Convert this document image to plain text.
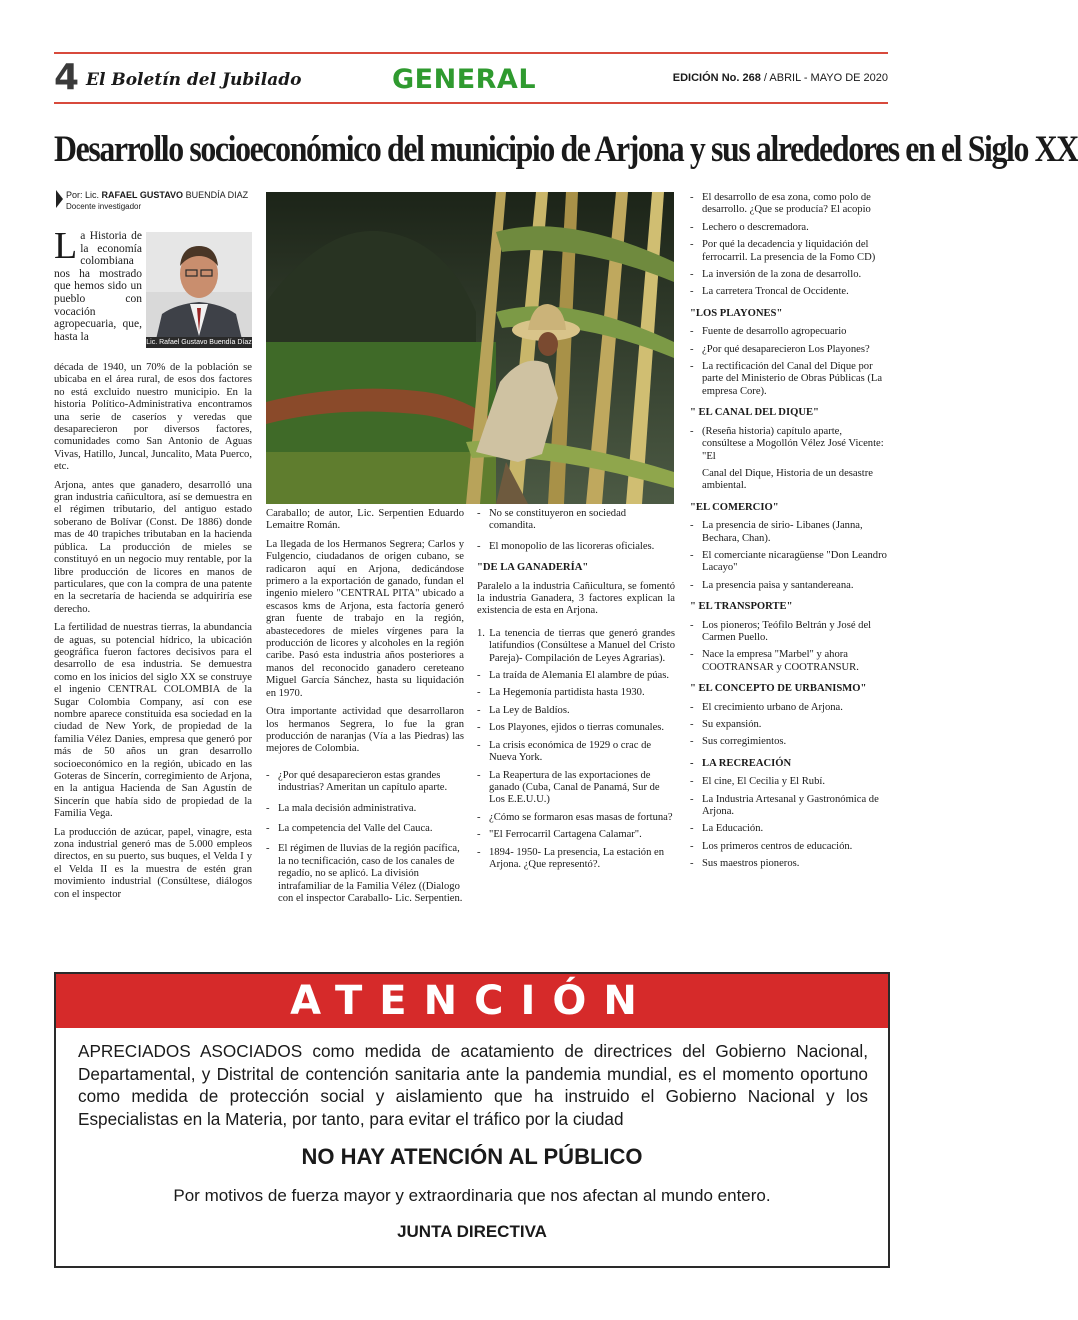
4 El Boletín del Jubilado	GENERAL	EDICIÓN No. 268 / ABRIL - MAYO DE 2020
Desarrollo socioeconómico del municipio de Arjona y sus alrededores en el Siglo XX
Por: Lic. RAFAEL GUSTAVO BUENDÍA DIAZ
Docente investigador
Lic. Rafael Gustavo Buendía Díaz
La Historia de la economía colombiana nos ha mostrado que hemos sido un pueblo con vocación agropecuaria, que, hasta la

década de 1940, un 70% de la población se ubicaba en el área rural, de esos dos factores no está excluido nuestro municipio. En la historia Político-Administrativa encontramos una serie de caseríos y veredas que desaparecieron por diversos factores, comunidades como San Antonio de Aguas Vivas, Hatillo, Juncal, Juncalito, Mata Puerco, etc.

Arjona, antes que ganadero, desarrolló una gran industria cañicultora, así se demuestra en el régimen tributario, del antiguo estado soberano de Bolívar (Const. De 1886) donde mas de 40 trapiches tributaban en la hacienda pública. La producción de mieles se constituyó en un negocio muy rentable, por la libre producción de licores en manos de particulares, que con la compra de una patente en la secretaría de hacienda se adquiriría ese derecho.

La fertilidad de nuestras tierras, la abundancia de aguas, su potencial hídrico, la ubicación geográfica fueron factores decisivos para el desarrollo de esa industria. Se demuestra como en los inicios del siglo XX se construye el ingenio CENTRAL COLOMBIA de la Sugar Colombia Company, así con ese nombre aparece constituida esa sociedad en la ciudad de New York, de propiedad de la familia Vélez Danies, empresa que generó por más de 50 años un gran desarrollo socioeconómico en la región, ubicado en las Goteras de Sincerín, corregimiento de Arjona, en la antigua Hacienda de San Agustín de Sincerín que había sido de propiedad de la Familia Vega.

La producción de azúcar, papel, vinagre, esta zona industrial generó mas de 5.000 empleos directos, en su puerto, sus buques, el Velda I y el Velda II es la muestra de estén gran movimiento industrial (Consúltese, diálogos con el inspector

Caraballo; de autor, Lic. Serpentien Eduardo Lemaitre Román.

La llegada de los Hermanos Segrera; Carlos y Fulgencio, ciudadanos de origen cubano, se radicaron aquí en Arjona, dedicándose primero a la exportación de ganado, fundan el ingenio mielero "CENTRAL PITA" ubicado a escasos kms de Arjona, esta factoría generó gran fuente de trabajo en la región, abastecedores de mieles vírgenes para la producción de licores y alcoholes en la región caribe. Pasó esta industria años posteriores a manos del reconocido ganadero cereteano Miguel García Sánchez, hasta su liquidación en 1970.

Otra importante actividad que desarrollaron los hermanos Segrera, lo fue la gran producción de naranjas (Vía a las Piedras) las mejores de Colombia.

- ¿Por qué desaparecieron estas grandes industrias? Ameritan un capítulo aparte.
- La mala decisión administrativa.
- La competencia del Valle del Cauca.
- El régimen de lluvias de la región pacífica, la no tecnificación, caso de los canales de regadío, no se aplicó. La división intrafamiliar de la Familia Vélez ((Dialogo con el inspector Caraballo- Lic. Serpentien.
- No se constituyeron en sociedad comandita.
- El monopolio de las licoreras oficiales.
"DE LA GANADERÍA"

Paralelo a la industria Cañicultura, se fomentó la industria Ganadera, 3 factores explican la existencia de esta en Arjona.

1. La tenencia de tierras que generó grandes latifundios (Consúltese a Manuel del Cristo Pareja)- Compilación de Leyes Agrarias).
- La traída de Alemania El alambre de púas.
- La Hegemonía partidista hasta 1930.
- La Ley de Baldíos.
- Los Playones, ejidos o tierras comunales.
- La crisis económica de 1929 o crac de Nueva York.
- La Reapertura de las exportaciones de ganado (Cuba, Canal de Panamá, Sur de Los E.E.U.U.)
- ¿Cómo se formaron esas masas de fortuna?
- "El Ferrocarril Cartagena Calamar".
- 1894- 1950- La presencia, La estación en Arjona. ¿Que representó?.
- El desarrollo de esa zona, como polo de desarrollo. ¿Que se producía? El acopio
- Lechero o descremadora.
- Por qué la decadencia y liquidación del ferrocarril. La presencia de la Fomo CD)
- La inversión de la zona de desarrollo.
- La carretera Troncal de Occidente.
"LOS PLAYONES"
- Fuente de desarrollo agropecuario
- ¿Por qué desaparecieron Los Playones?
- La rectificación del Canal del Dique por parte del Ministerio de Obras Públicas (La empresa Core).
" EL CANAL DEL DIQUE"
- (Reseña historia) capítulo aparte, consúltese a Mogollón Vélez José Vicente: "El

Canal del Dique, Historia de un desastre ambiental.

"EL COMERCIO"
- La presencia de sirio- Libanes (Janna, Bechara, Chan).
- El comerciante nicaragüense "Don Leandro Lacayo"
- La presencia paisa y santandereana.
" EL TRANSPORTE"
- Los pioneros; Teófilo Beltrán y José del Carmen Puello.
- Nace la empresa "Marbel" y ahora COOTRANSAR y COOTRANSUR.
" EL CONCEPTO DE URBANISMO"
- El crecimiento urbano de Arjona.
- Su expansión.
- Sus corregimientos.
- LA RECREACIÓN
- El cine, El Cecilia y El Rubí.
- La Industria Artesanal y Gastronómica de Arjona.
- La Educación.
- Los primeros centros de educación.
- Sus maestros pioneros.
ATENCIÓN
APRECIADOS ASOCIADOS como medida de acatamiento de directrices del Gobierno Nacional, Departamental, y Distrital de contención sanitaria ante la pandemia mundial, es el momento oportuno como medida de protección social y aislamiento que ha instruido el Gobierno Nacional y los Especialistas en la Materia, por tanto, para evitar el tráfico por la ciudad
NO HAY ATENCIÓN AL PÚBLICO
Por motivos de fuerza mayor y extraordinaria que nos afectan al mundo entero.
JUNTA DIRECTIVA
